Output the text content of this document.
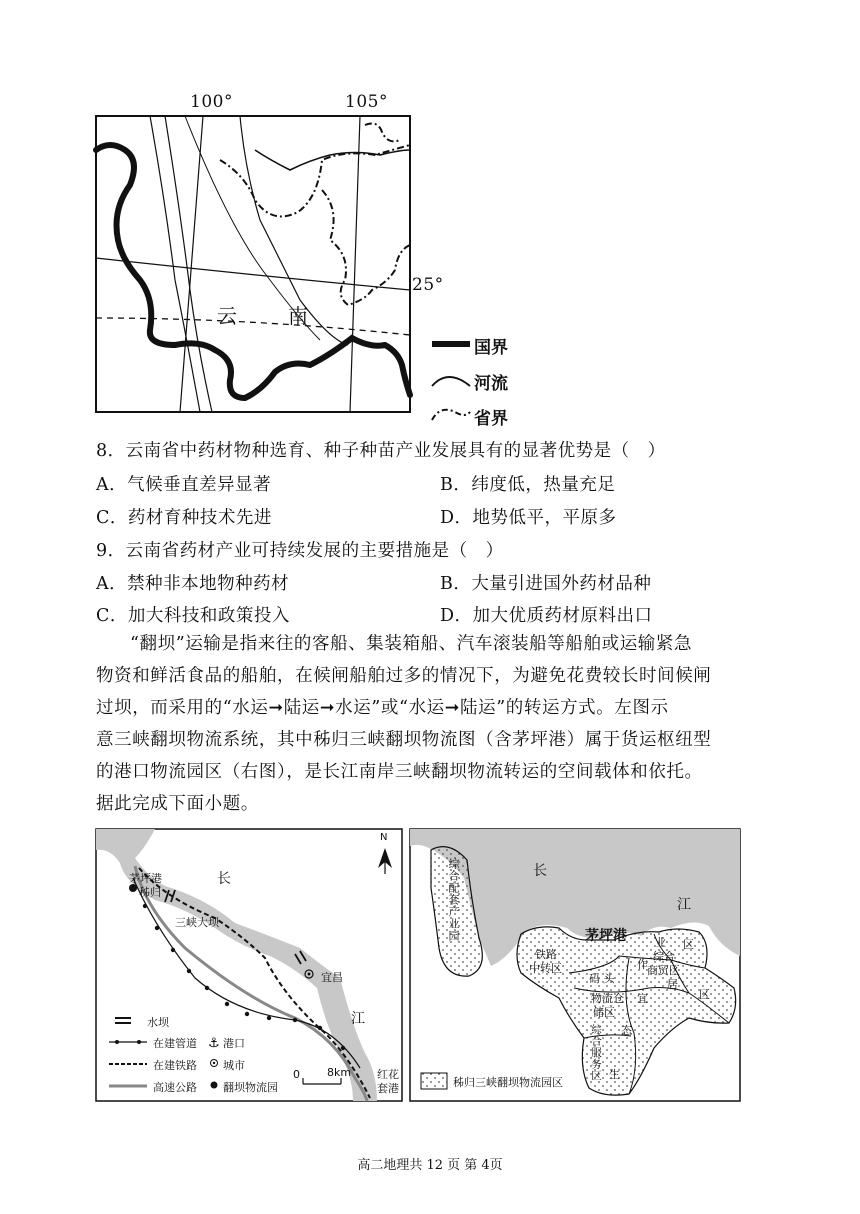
100°	105°
25°
云	南
国界
河流
省界
8．云南省中药材物种选育、种子种苗产业发展具有的显著优势是（　）
A．气候垂直差异显著	B．纬度低，热量充足
C．药材育种技术先进	D．地势低平，平原多
9．云南省药材产业可持续发展的主要措施是（　）
A．禁种非本地物种药材	B．大量引进国外药材品种
C．加大科技和政策投入	D．加大优质药材原料出口
“翻坝”运输是指来往的客船、集装箱船、汽车滚装船等船舶或运输紧急
物资和鲜活食品的船舶，在候闸船舶过多的情况下，为避免花费较长时间候闸
过坝，而采用的“水运➞陆运➞水运”或“水运➞陆运”的转运方式。左图示
意三峡翻坝物流系统，其中秭归三峡翻坝物流图（含茅坪港）属于货运枢纽型
的港口物流园区（右图），是长江南岸三峡翻坝物流转运的空间载体和依托。
据此完成下面小题。
⚓
N
茅坪港
秭归
长
三峡大坝
宜昌
江
红花
套港
0 8km
水坝
在建管道
在建铁路
高速公路
港口
城市
翻坝物流园
长
江
茅坪港
综合配套产业园
铁路
中转区
码 头
作
业 区
综合
商贸区
居
区
宜
态
生
物流仓
储区
综合服务区
秭归三峡翻坝物流园区
高二地理共 12 页 第 4页
